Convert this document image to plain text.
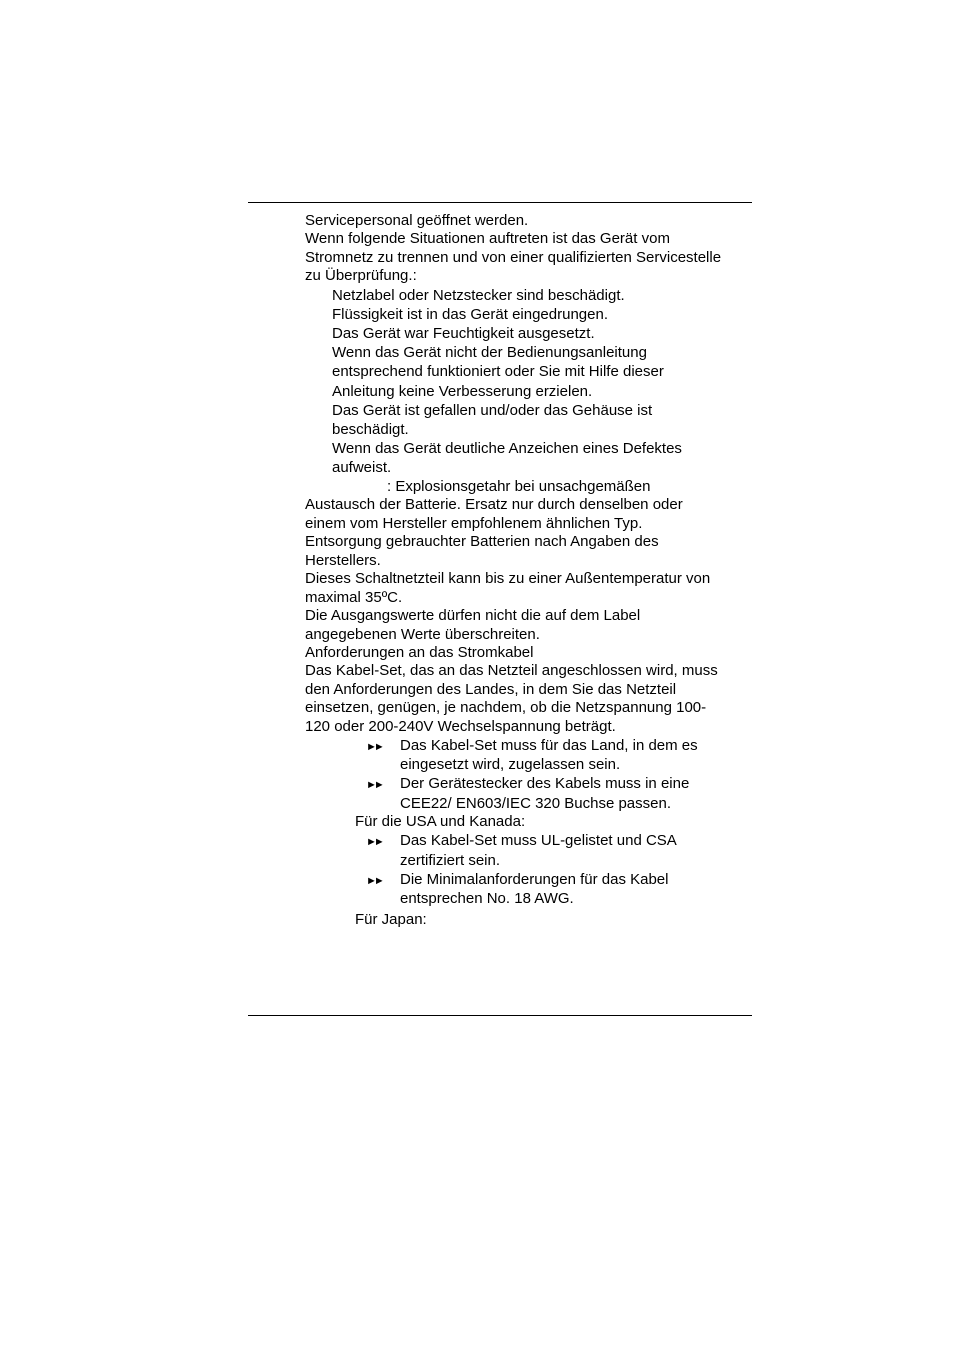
Servicepersonal geöffnet werden.
Wenn folgende Situationen auftreten ist das Gerät vom
Stromnetz zu trennen und von einer qualifizierten Servicestelle
zu Überprüfung.:
Netzlabel oder Netzstecker sind beschädigt.
Flüssigkeit ist in das Gerät eingedrungen.
Das Gerät war Feuchtigkeit ausgesetzt.
Wenn das Gerät nicht der Bedienungsanleitung
entsprechend funktioniert oder Sie mit Hilfe dieser
Anleitung keine Verbesserung erzielen.
Das Gerät ist gefallen und/oder das Gehäuse ist
beschädigt.
Wenn das Gerät deutliche Anzeichen eines Defektes
aufweist.
: Explosionsgetahr bei unsachgemäßen
Austausch der Batterie. Ersatz nur durch denselben oder
einem vom Hersteller empfohlenem ähnlichen Typ.
Entsorgung gebrauchter Batterien nach Angaben des
Herstellers.
Dieses Schaltnetzteil kann bis zu einer Außentemperatur von
maximal 35ºC.
Die Ausgangswerte dürfen nicht die auf dem Label
angegebenen Werte überschreiten.
Anforderungen an das Stromkabel
Das Kabel-Set, das an das Netzteil angeschlossen wird, muss
den Anforderungen des Landes, in dem Sie das Netzteil
einsetzen, genügen, je nachdem, ob die Netzspannung 100-
120 oder 200-240V Wechselspannung beträgt.
►► Das Kabel-Set muss für das Land, in dem es
eingesetzt wird, zugelassen sein.
►► Der Gerätestecker des Kabels muss in eine
CEE22/ EN603/IEC 320 Buchse passen.
Für die USA und Kanada:
►► Das Kabel-Set muss UL-gelistet und CSA
zertifiziert sein.
►► Die Minimalanforderungen für das Kabel
entsprechen No. 18 AWG.
Für Japan:
